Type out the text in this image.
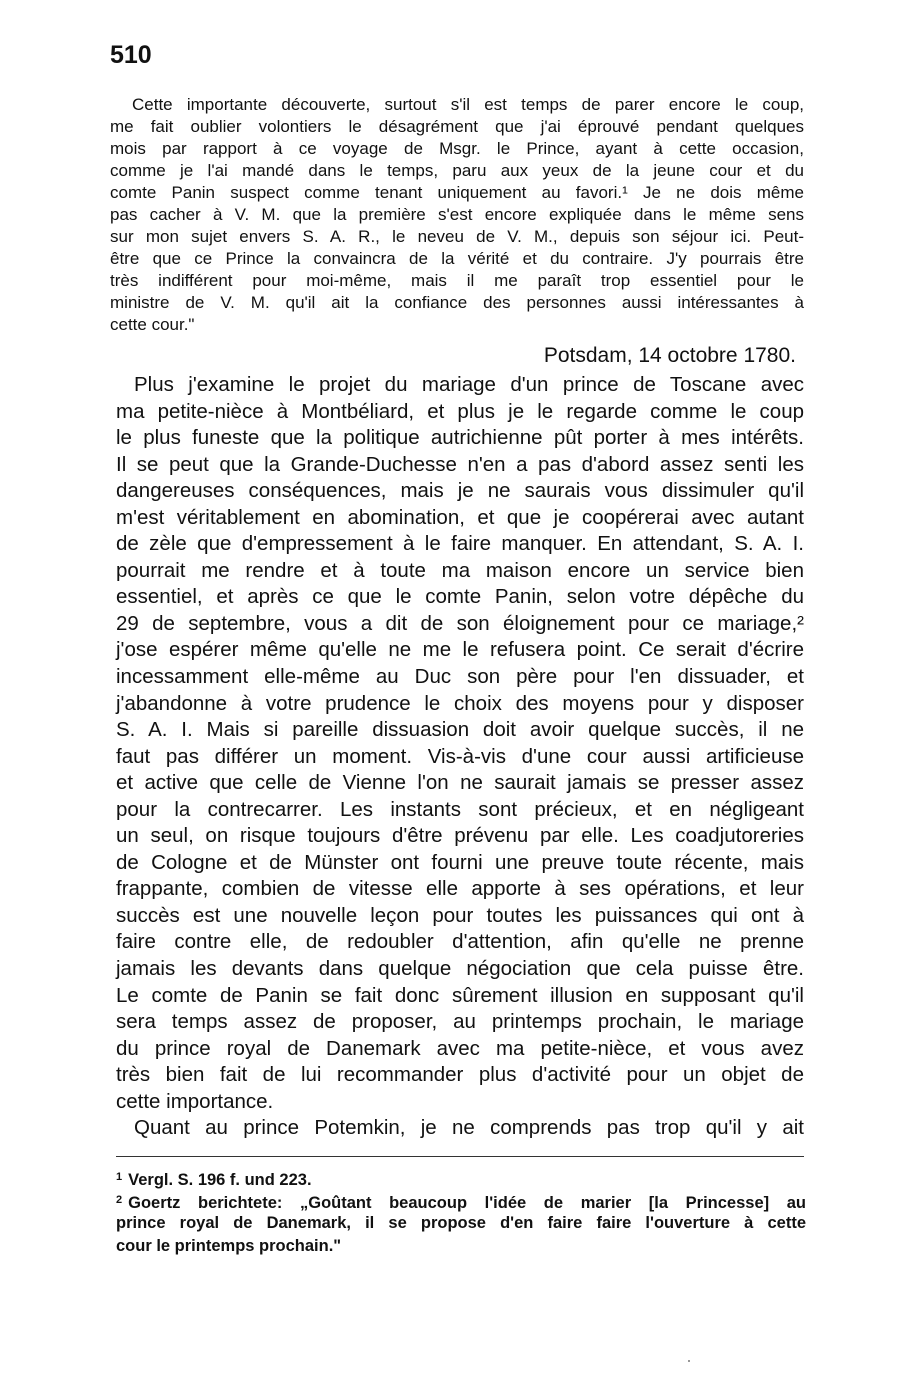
510
Cette importante découverte, surtout s'il est temps de parer encore le coup,
me fait oublier volontiers le désagrément que j'ai éprouvé pendant quelques
mois par rapport à ce voyage de Msgr. le Prince, ayant à cette occasion,
comme je l'ai mandé dans le temps, paru aux yeux de la jeune cour et du
comte Panin suspect comme tenant uniquement au favori.¹ Je ne dois même
pas cacher à V. M. que la première s'est encore expliquée dans le même sens
sur mon sujet envers S. A. R., le neveu de V. M., depuis son séjour ici. Peut-
être que ce Prince la convaincra de la vérité et du contraire. J'y pourrais être
très indifférent pour moi-même, mais il me paraît trop essentiel pour le
ministre de V. M. qu'il ait la confiance des personnes aussi intéressantes à
cette cour."
Potsdam, 14 octobre 1780.
Plus j'examine le projet du mariage d'un prince de Toscane avec
ma petite-nièce à Montbéliard, et plus je le regarde comme le coup
le plus funeste que la politique autrichienne pût porter à mes intérêts.
Il se peut que la Grande-Duchesse n'en a pas d'abord assez senti les
dangereuses conséquences, mais je ne saurais vous dissimuler qu'il
m'est véritablement en abomination, et que je coopérerai avec autant
de zèle que d'empressement à le faire manquer. En attendant, S. A. I.
pourrait me rendre et à toute ma maison encore un service bien
essentiel, et après ce que le comte Panin, selon votre dépêche du
29 de septembre, vous a dit de son éloignement pour ce mariage,²
j'ose espérer même qu'elle ne me le refusera point. Ce serait d'écrire
incessamment elle-même au Duc son père pour l'en dissuader, et
j'abandonne à votre prudence le choix des moyens pour y disposer
S. A. I. Mais si pareille dissuasion doit avoir quelque succès, il ne
faut pas différer un moment. Vis-à-vis d'une cour aussi artificieuse
et active que celle de Vienne l'on ne saurait jamais se presser assez
pour la contrecarrer. Les instants sont précieux, et en négligeant
un seul, on risque toujours d'être prévenu par elle. Les coadjutoreries
de Cologne et de Münster ont fourni une preuve toute récente, mais
frappante, combien de vitesse elle apporte à ses opérations, et leur
succès est une nouvelle leçon pour toutes les puissances qui ont à
faire contre elle, de redoubler d'attention, afin qu'elle ne prenne
jamais les devants dans quelque négociation que cela puisse être.
Le comte de Panin se fait donc sûrement illusion en supposant qu'il
sera temps assez de proposer, au printemps prochain, le mariage
du prince royal de Danemark avec ma petite-nièce, et vous avez
très bien fait de lui recommander plus d'activité pour un objet de
cette importance.
Quant au prince Potemkin, je ne comprends pas trop qu'il y ait
$^1$ Vergl. S. 196 f. und 223.
$^2$ Goertz berichtete: „Goûtant beaucoup l'idée de marier [la Princesse] au
prince royal de Danemark, il se propose d'en faire faire l'ouverture à cette
cour le printemps prochain."
